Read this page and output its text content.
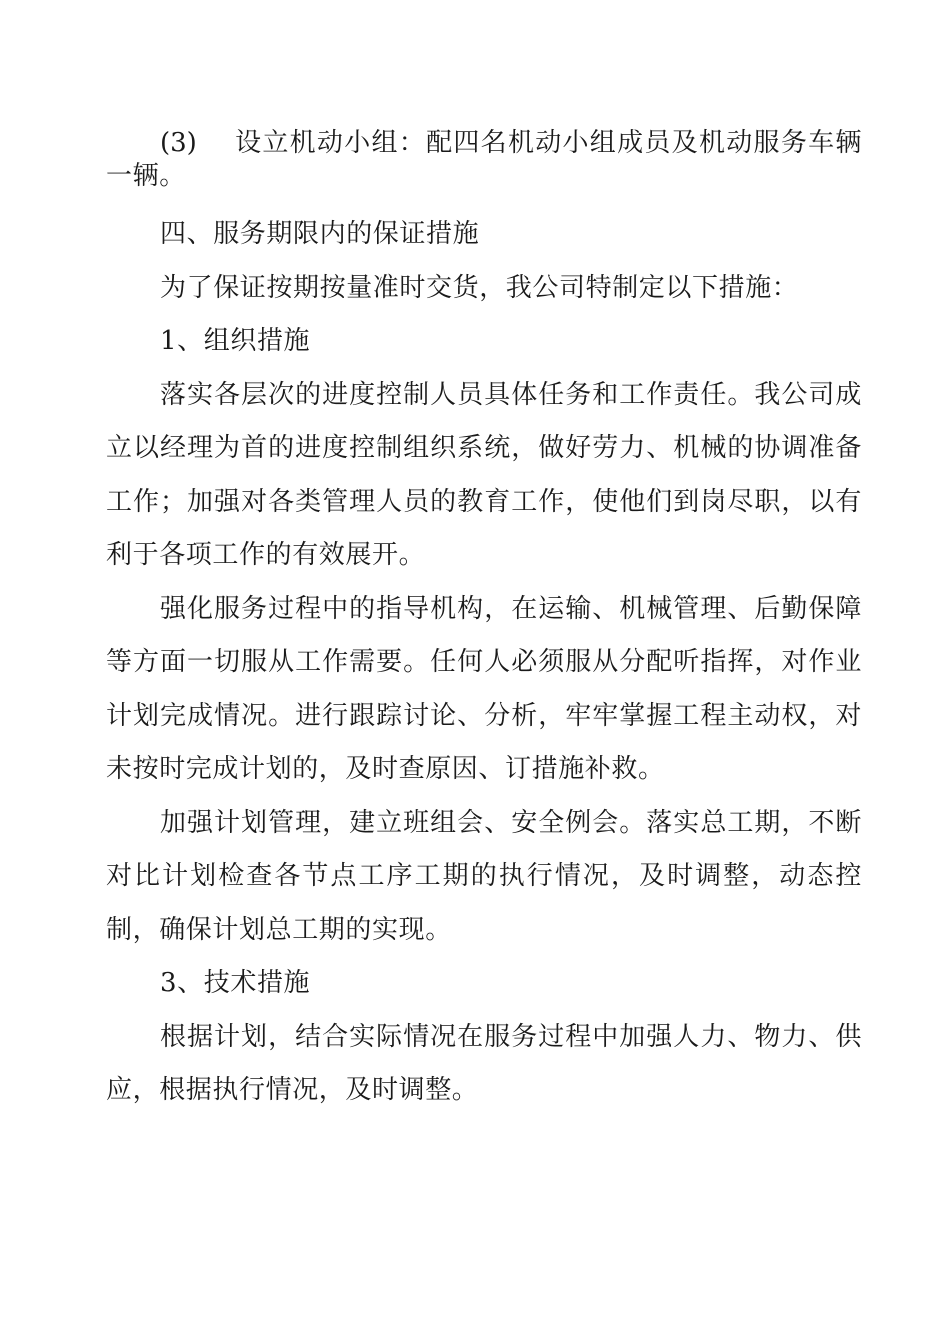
(3) 设立机动小组：配四名机动小组成员及机动服务车辆一辆。

四、服务期限内的保证措施

为了保证按期按量准时交货，我公司特制定以下措施：

1、组织措施

落实各层次的进度控制人员具体任务和工作责任。我公司成立以经理为首的进度控制组织系统，做好劳力、机械的协调准备工作；加强对各类管理人员的教育工作，使他们到岗尽职，以有利于各项工作的有效展开。

强化服务过程中的指导机构，在运输、机械管理、后勤保障等方面一切服从工作需要。任何人必须服从分配听指挥，对作业计划完成情况。进行跟踪讨论、分析，牢牢掌握工程主动权，对未按时完成计划的，及时查原因、订措施补救。

加强计划管理，建立班组会、安全例会。落实总工期，不断对比计划检查各节点工序工期的执行情况，及时调整，动态控制，确保计划总工期的实现。

3、技术措施

根据计划，结合实际情况在服务过程中加强人力、物力、供应，根据执行情况，及时调整。
